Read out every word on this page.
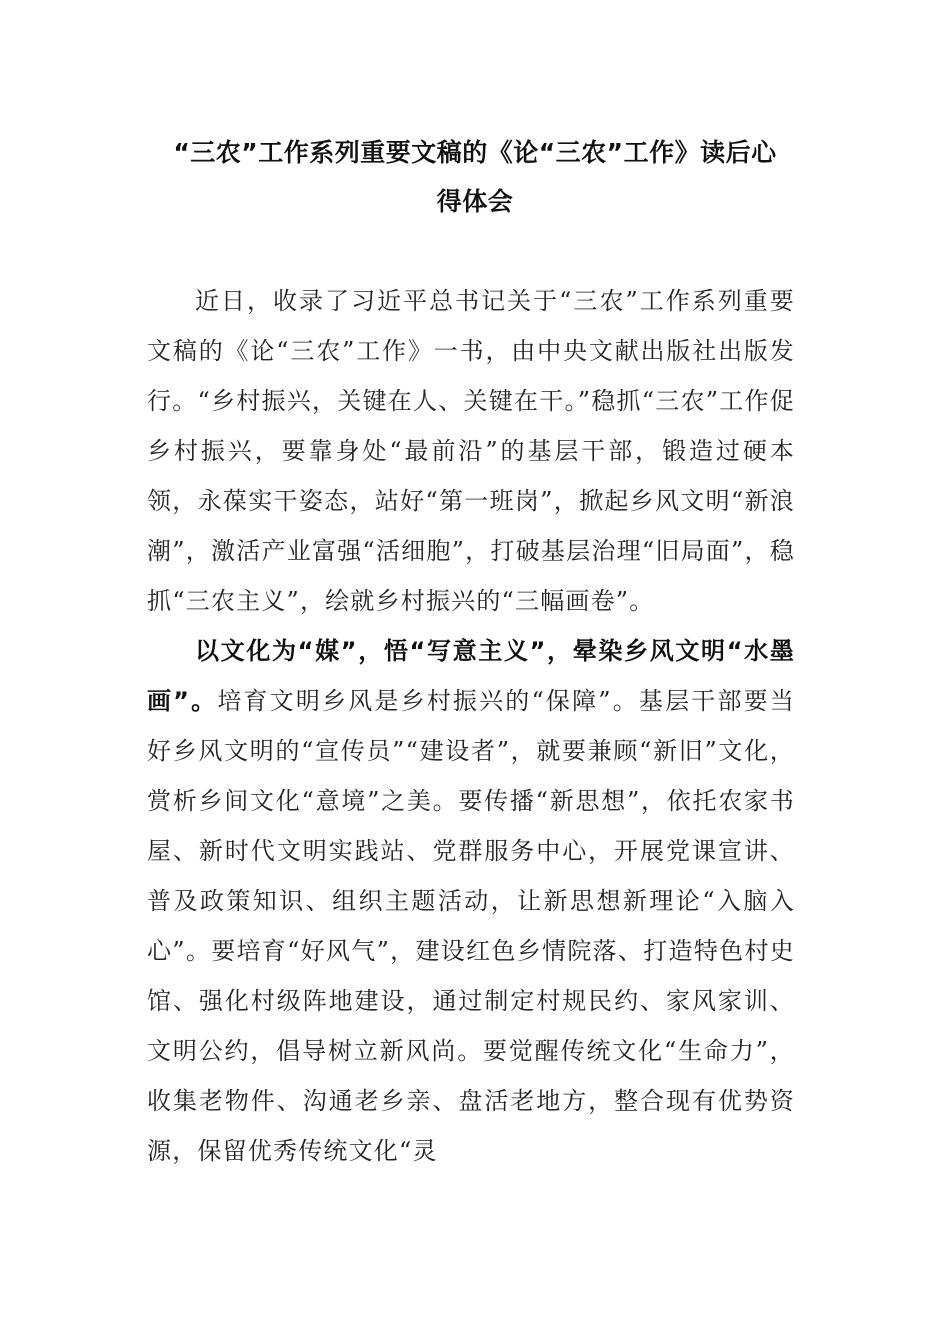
“三农”工作系列重要文稿的《论“三农”工作》读后心
得体会

近日，收录了习近平总书记关于“三农”工作系列重要文稿的《论“三农”工作》一书，由中央文献出版社出版发行。“乡村振兴，关键在人、关键在干。”稳抓“三农”工作促乡村振兴，要靠身处“最前沿”的基层干部，锻造过硬本领，永葆实干姿态，站好“第一班岗”，掀起乡风文明“新浪潮”，激活产业富强“活细胞”，打破基层治理“旧局面”，稳抓“三农主义”，绘就乡村振兴的“三幅画卷”。

以文化为“媒”，悟“写意主义”，晕染乡风文明“水墨画”。培育文明乡风是乡村振兴的“保障”。基层干部要当好乡风文明的“宣传员”“建设者”，就要兼顾“新旧”文化，赏析乡间文化“意境”之美。要传播“新思想”，依托农家书屋、新时代文明实践站、党群服务中心，开展党课宣讲、普及政策知识、组织主题活动，让新思想新理论“入脑入心”。要培育“好风气”，建设红色乡情院落、打造特色村史馆、强化村级阵地建设，通过制定村规民约、家风家训、文明公约，倡导树立新风尚。要觉醒传统文化“生命力”，收集老物件、沟通老乡亲、盘活老地方，整合现有优势资源，保留优秀传统文化“灵
